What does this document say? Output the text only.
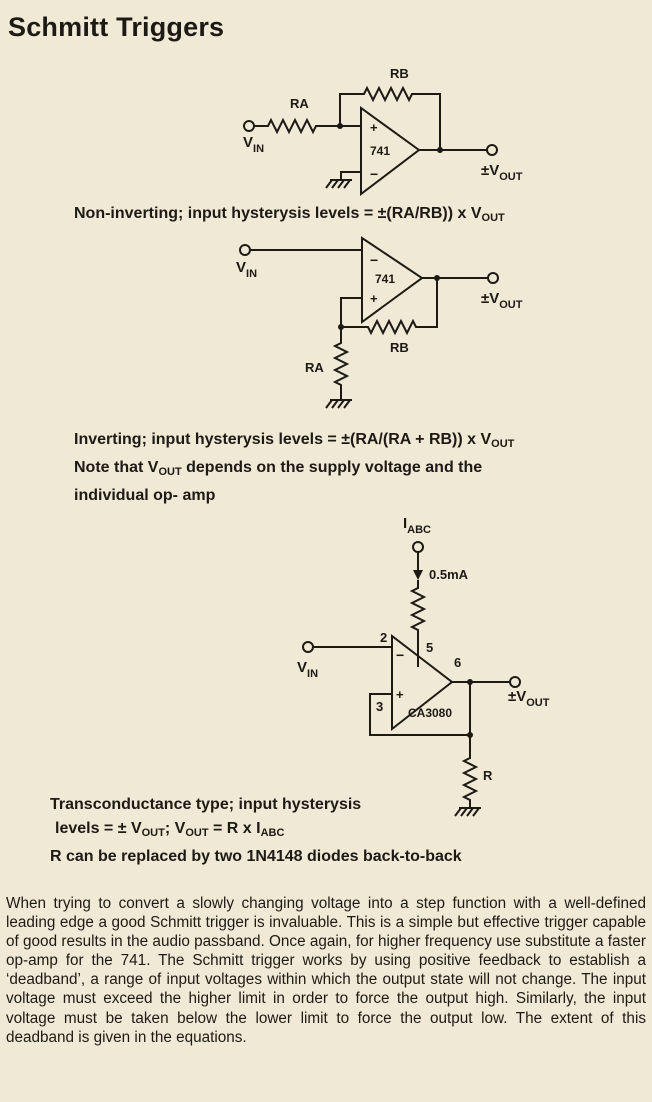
Schmitt Triggers
+
−
741
RB
RA
$V_{IN}$
$\pm V_{OUT}$
−
+
741
RB
RA
$V_{IN}$
$\pm V_{OUT}$
−
+
CA3080
2
3
5
6
0.5mA
R
$I_{ABC}$
$V_{IN}$
$\pm V_{OUT}$
Non-inverting; input hysterysis levels = ±(RA/RB)) x $V_{OUT}$
Inverting; input hysterysis levels = ±(RA/(RA + RB)) x $V_{OUT}$
Note that $V_{OUT}$ depends on the supply voltage and the
individual op- amp
Transconductance type; input hysterysis
levels = ± $V_{OUT}$; $V_{OUT} = R$ x $I_{ABC}$
R can be replaced by two 1N4148 diodes back-to-back
When trying to convert a slowly changing voltage into a step function with a well-defined leading edge a good Schmitt trigger is invaluable. This is a simple but effective trigger capable of good results in the audio passband. Once again, for higher frequency use substitute a faster op-amp for the 741. The Schmitt trigger works by using positive feedback to establish a ‘deadband’, a range of input voltages within which the output state will not change. The input voltage must exceed the higher limit in order to force the output high. Similarly, the input voltage must be taken below the lower limit to force the output low. The extent of this deadband is given in the equations.
